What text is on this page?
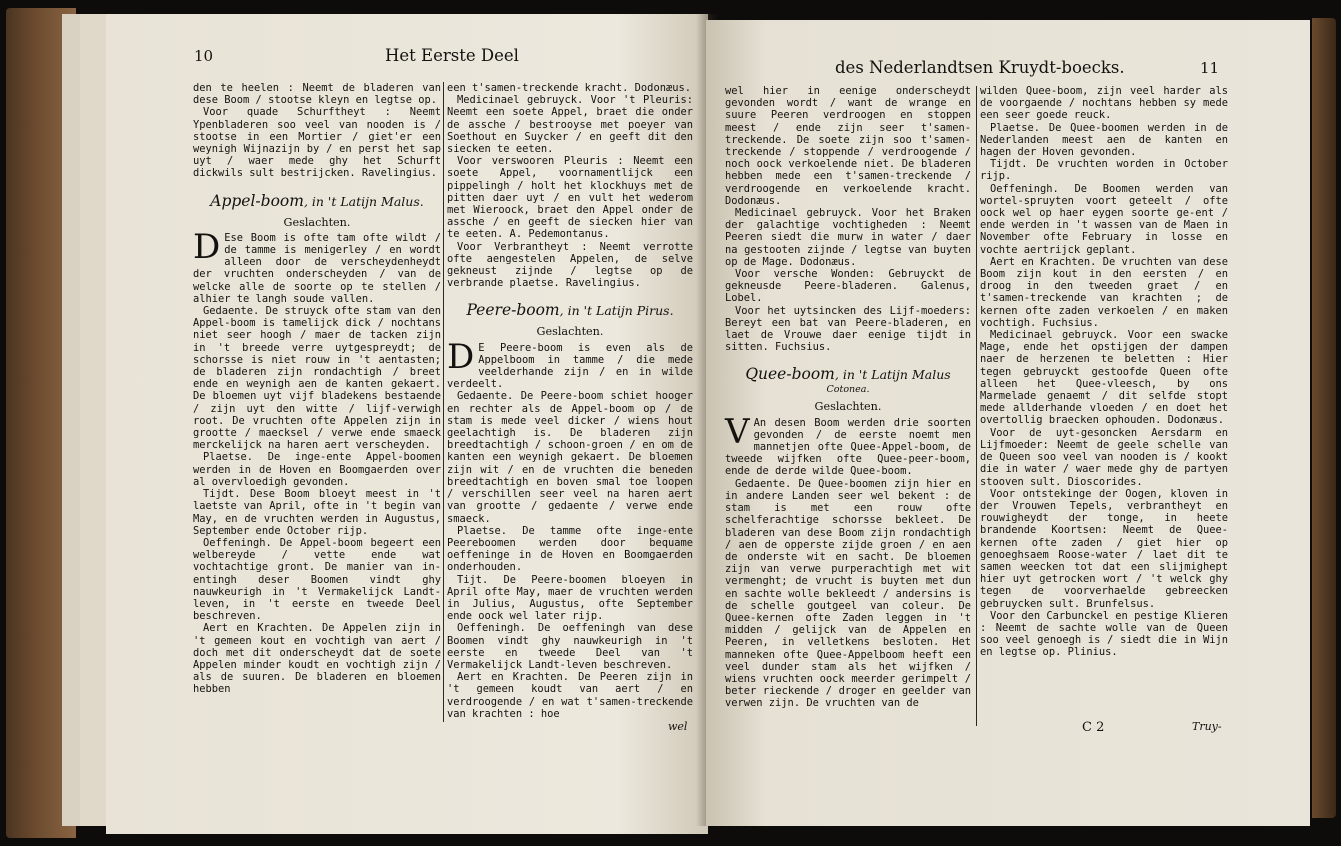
10	Het Eerste Deel

den te heelen : Neemt de bladeren van dese Boom / stootse kleyn en legtse op.

Voor quade Schurftheyt : Neemt Ypenbladeren soo veel van nooden is / stootse in een Mortier / giet'er een weynigh Wijnazijn by / en perst het sap uyt / waer mede ghy het Schurft dickwils sult bestrijcken. Ravelingius.

Appel-boom, in 't Latijn Malus.

Geslachten.

D Ese Boom is ofte tam ofte wildt / de tamme is menigerley / en wordt alleen door de verscheydenheydt der vruchten onderscheyden / van de welcke alle de soorte op te stellen / alhier te langh soude vallen.

Gedaente. De struyck ofte stam van den Appel-boom is tamelijck dick / nochtans niet seer hoogh / maer de tacken zijn in 't breede verre uytgespreydt; de schorsse is niet rouw in 't aentasten; de bladeren zijn rondachtigh / breet ende en weynigh aen de kanten gekaert. De bloemen uyt vijf bladekens bestaende / zijn uyt den witte / lijf-verwigh root. De vruchten ofte Appelen zijn in grootte / maecksel / verwe ende smaeck merckelijck na haren aert verscheyden.

Plaetse. De inge-ente Appel-boomen werden in de Hoven en Boomgaerden over al overvloedigh gevonden.

Tijdt. Dese Boom bloeyt meest in 't laetste van April, ofte in 't begin van May, en de vruchten werden in Augustus, September ende October rijp.

Oeffeningh. De Appel-boom begeert een welbereyde / vette ende wat vochtachtige gront. De manier van in-entingh deser Boomen vindt ghy nauwkeurigh in 't Vermakelijck Landt-leven, in 't eerste en tweede Deel beschreven.

Aert en Krachten. De Appelen zijn in 't gemeen kout en vochtigh van aert / doch met dit onderscheydt dat de soete Appelen minder koudt en vochtigh zijn / als de suuren. De bladeren en bloemen hebben

een t'samen-treckende kracht. Dodonæus.

Medicinael gebruyck. Voor 't Pleuris: Neemt een soete Appel, braet die onder de assche / bestrooyse met poeyer van Soethout en Suycker / en geeft dit den siecken te eeten.

Voor verswooren Pleuris : Neemt een soete Appel, voornamentlijck een pippelingh / holt het klockhuys met de pitten daer uyt / en vult het wederom met Wieroock, braet den Appel onder de assche / en geeft de siecken hier van te eeten. A. Pedemontanus.

Voor Verbrantheyt : Neemt verrotte ofte aengestelen Appelen, de selve gekneust zijnde / legtse op de verbrande plaetse. Ravelingius.

Peere-boom, in 't Latijn Pirus.

Geslachten.

D E Peere-boom is even als de Appelboom in tamme / die mede veelderhande zijn / en in wilde verdeelt.

Gedaente. De Peere-boom schiet hooger en rechter als de Appel-boom op / de stam is mede veel dicker / wiens hout geelachtigh is. De bladeren zijn breedtachtigh / schoon-groen / en om de kanten een weynigh gekaert. De bloemen zijn wit / en de vruchten die beneden breedtachtigh en boven smal toe loopen / verschillen seer veel na haren aert van grootte / gedaente / verwe ende smaeck.

Plaetse. De tamme ofte inge-ente Peereboomen werden door bequame oeffeninge in de Hoven en Boomgaerden onderhouden.

Tijt. De Peere-boomen bloeyen in April ofte May, maer de vruchten werden in Julius, Augustus, ofte September ende oock wel later rijp.

Oeffeningh. De oeffeningh van dese Boomen vindt ghy nauwkeurigh in 't eerste en tweede Deel van 't Vermakelijck Landt-leven beschreven.

Aert en Krachten. De Peeren zijn in 't gemeen koudt van aert / en verdroogende / en wat t'samen-treckende van krachten : hoe

wel
des Nederlandtsen Kruydt-boecks.	11

wel hier in eenige onderscheydt gevonden wordt / want de wrange en suure Peeren verdroogen en stoppen meest / ende zijn seer t'samen-treckende. De soete zijn soo t'samen-treckende / stoppende / verdroogende / noch oock verkoelende niet. De bladeren hebben mede een t'samen-treckende / verdroogende en verkoelende kracht. Dodonæus.

Medicinael gebruyck. Voor het Braken der galachtige vochtigheden : Neemt Peeren siedt die murw in water / daer na gestooten zijnde / legtse van buyten op de Mage. Dodonæus.

Voor versche Wonden: Gebruyckt de gekneusde Peere-bladeren. Galenus, Lobel.

Voor het uytsincken des Lijf-moeders: Bereyt een bat van Peere-bladeren, en laet de Vrouwe daer eenige tijdt in sitten. Fuchsius.

Quee-boom, in 't Latijn Malus
Cotonea.

Geslachten.

V An desen Boom werden drie soorten gevonden / de eerste noemt men mannetjen ofte Quee-Appel-boom, de tweede wijfken ofte Quee-peer-boom, ende de derde wilde Quee-boom.

Gedaente. De Quee-boomen zijn hier en in andere Landen seer wel bekent : de stam is met een rouw ofte schelferachtige schorsse bekleet. De bladeren van dese Boom zijn rondachtigh / aen de opperste zijde groen / en aen de onderste wit en sacht. De bloemen zijn van verwe purperachtigh met wit vermenght; de vrucht is buyten met dun en sachte wolle bekleedt / andersins is de schelle goutgeel van coleur. De Quee-kernen ofte Zaden leggen in 't midden / gelijck van de Appelen en Peeren, in velletkens besloten. Het manneken ofte Quee-Appelboom heeft een veel dunder stam als het wijfken / wiens vruchten oock meerder gerimpelt / beter rieckende / droger en geelder van verwen zijn. De vruchten van de

wilden Quee-boom, zijn veel harder als de voorgaende / nochtans hebben sy mede een seer goede reuck.

Plaetse. De Quee-boomen werden in de Nederlanden meest aen de kanten en hagen der Hoven gevonden.

Tijdt. De vruchten worden in October rijp.

Oeffeningh. De Boomen werden van wortel-spruyten voort geteelt / ofte oock wel op haer eygen soorte ge-ent / ende werden in 't wassen van de Maen in November ofte February in losse en vochte aertrijck geplant.

Aert en Krachten. De vruchten van dese Boom zijn kout in den eersten / en droog in den tweeden graet / en t'samen-treckende van krachten ; de kernen ofte zaden verkoelen / en maken vochtigh. Fuchsius.

Medicinael gebruyck. Voor een swacke Mage, ende het opstijgen der dampen naer de herzenen te beletten : Hier tegen gebruyckt gestoofde Queen ofte alleen het Quee-vleesch, by ons Marmelade genaemt / dit selfde stopt mede allderhande vloeden / en doet het overtollig braecken ophouden. Dodonæus.

Voor de uyt-gesoncken Aersdarm en Lijfmoeder: Neemt de geele schelle van de Queen soo veel van nooden is / kookt die in water / waer mede ghy de partyen stooven sult. Dioscorides.

Voor ontstekinge der Oogen, kloven in der Vrouwen Tepels, verbrantheyt en rouwigheydt der tonge, in heete brandende Koortsen: Neemt de Quee-kernen ofte zaden / giet hier op genoeghsaem Roose-water / laet dit te samen weecken tot dat een slijmighept hier uyt getrocken wort / 't welck ghy tegen de voorverhaelde gebreecken gebruycken sult. Brunfelsus.

Voor den Carbunckel en pestige Klieren : Neemt de sachte wolle van de Queen soo veel genoegh is / siedt die in Wijn en legtse op. Plinius.

C 2	Truy-
